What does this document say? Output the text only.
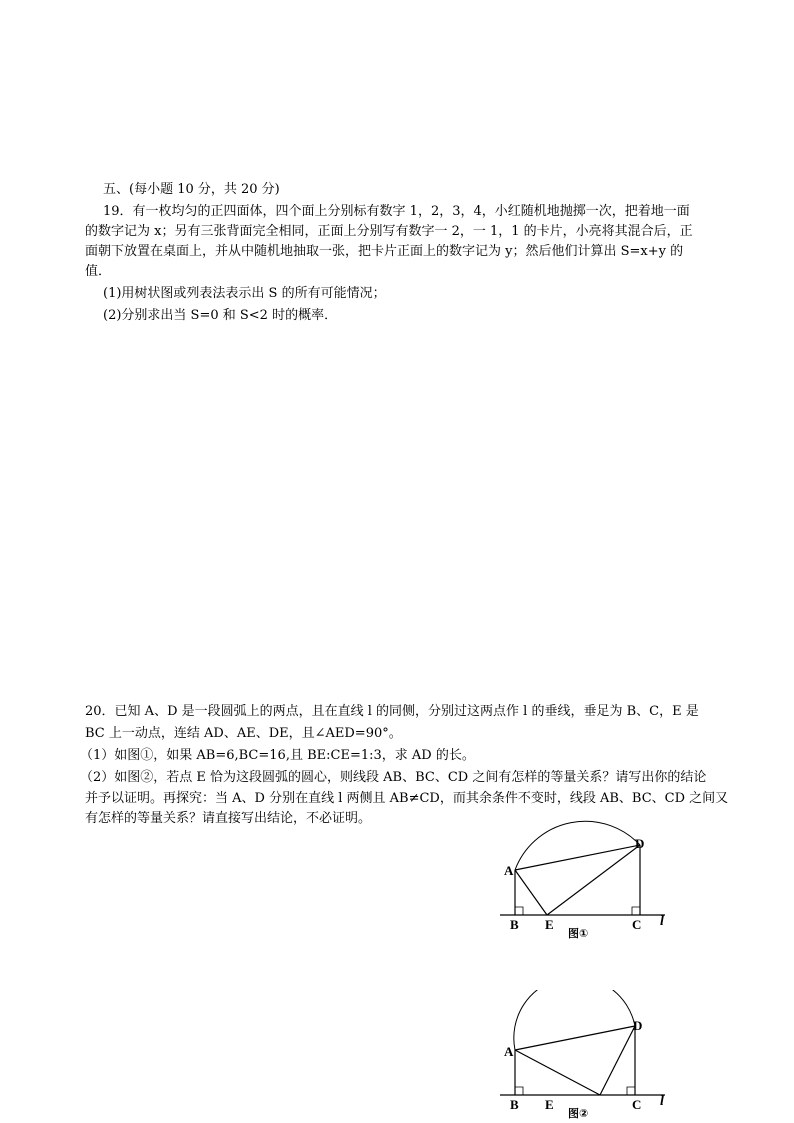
五、(每小题 10 分，共 20 分)
19．有一枚均匀的正四面体，四个面上分别标有数字 1，2，3，4，小红随机地抛掷一次，把着地一面
的数字记为 x；另有三张背面完全相同，正面上分别写有数字一 2，一 1，1 的卡片，小亮将其混合后，正
面朝下放置在桌面上，并从中随机地抽取一张，把卡片正面上的数字记为 y；然后他们计算出 S=x+y 的
值．
(1)用树状图或列表法表示出 S 的所有可能情况；
(2)分别求出当 S=0 和 S<2 时的概率．
20．已知 A、D 是一段圆弧上的两点，且在直线 l 的同侧，分别过这两点作 l 的垂线，垂足为 B、C，E 是
BC 上一动点，连结 AD、AE、DE，且∠AED=90°。
（1）如图①，如果 AB=6,BC=16,且 BE:CE=1:3，求 AD 的长。
（2）如图②，若点 E 恰为这段圆弧的圆心，则线段 AB、BC、CD 之间有怎样的等量关系？请写出你的结论
并予以证明。再探究：当 A、D 分别在直线 l 两侧且 AB≠CD，而其余条件不变时，线段 AB、BC、CD 之间又
有怎样的等量关系？请直接写出结论，不必证明。
A
D
B E
图①
C l
A
D
B E
图②
C l
